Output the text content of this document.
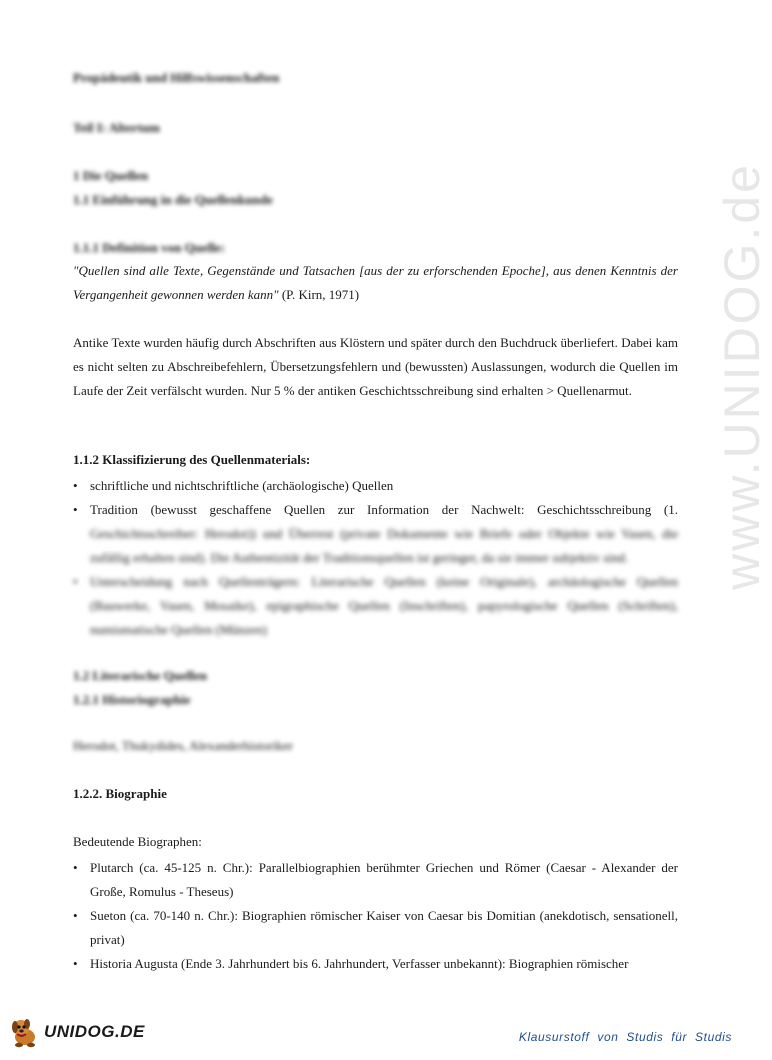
Propädeutik und Hilfswissenschaften
Teil I: Altertum
1 Die Quellen
1.1 Einführung in die Quellenkunde
1.1.1 Definition von Quelle:

"Quellen sind alle Texte, Gegenstände und Tatsachen [aus der zu erforschenden Epoche], aus denen Kenntnis der Vergangenheit gewonnen werden kann" (P. Kirn, 1971)

Antike Texte wurden häufig durch Abschriften aus Klöstern und später durch den Buchdruck überliefert. Dabei kam es nicht selten zu Abschreibefehlern, Übersetzungsfehlern und (bewussten) Auslassungen, wodurch die Quellen im Laufe der Zeit verfälscht wurden. Nur 5 % der antiken Geschichtsschreibung sind erhalten > Quellenarmut.

1.1.2 Klassifizierung des Quellenmaterials:
• schriftliche und nichtschriftliche (archäologische) Quellen
• Tradition (bewusst geschaffene Quellen zur Information der Nachwelt: Geschichtsschreibung (1. Geschichtsschreiber: Herodot)) und Überrest (private Dokumente wie Briefe oder Objekte wie Vasen, die zufällig erhalten sind). Die Authentizität der Traditionsquellen ist geringer, da sie immer subjektiv sind.
• Unterscheidung nach Quellenträgern: Literarische Quellen (keine Originale), archäologische Quellen (Bauwerke, Vasen, Mosaike), epigraphische Quellen (Inschriften), papyrologische Quellen (Schriften), numismatische Quellen (Münzen)
1.2 Literarische Quellen
1.2.1 Historiographie
Herodot, Thukydides, Alexanderhistoriker
1.2.2. Biographie
Bedeutende Biographen:
• Plutarch (ca. 45-125 n. Chr.): Parallelbiographien berühmter Griechen und Römer (Caesar - Alexander der Große, Romulus - Theseus)
• Sueton (ca. 70-140 n. Chr.): Biographien römischer Kaiser von Caesar bis Domitian (anekdotisch, sensationell, privat)
• Historia Augusta (Ende 3. Jahrhundert bis 6. Jahrhundert, Verfasser unbekannt): Biographien römischer
www.UNIDOG.de
UNIDOG.DE	Klausurstoff von Studis für Studis
